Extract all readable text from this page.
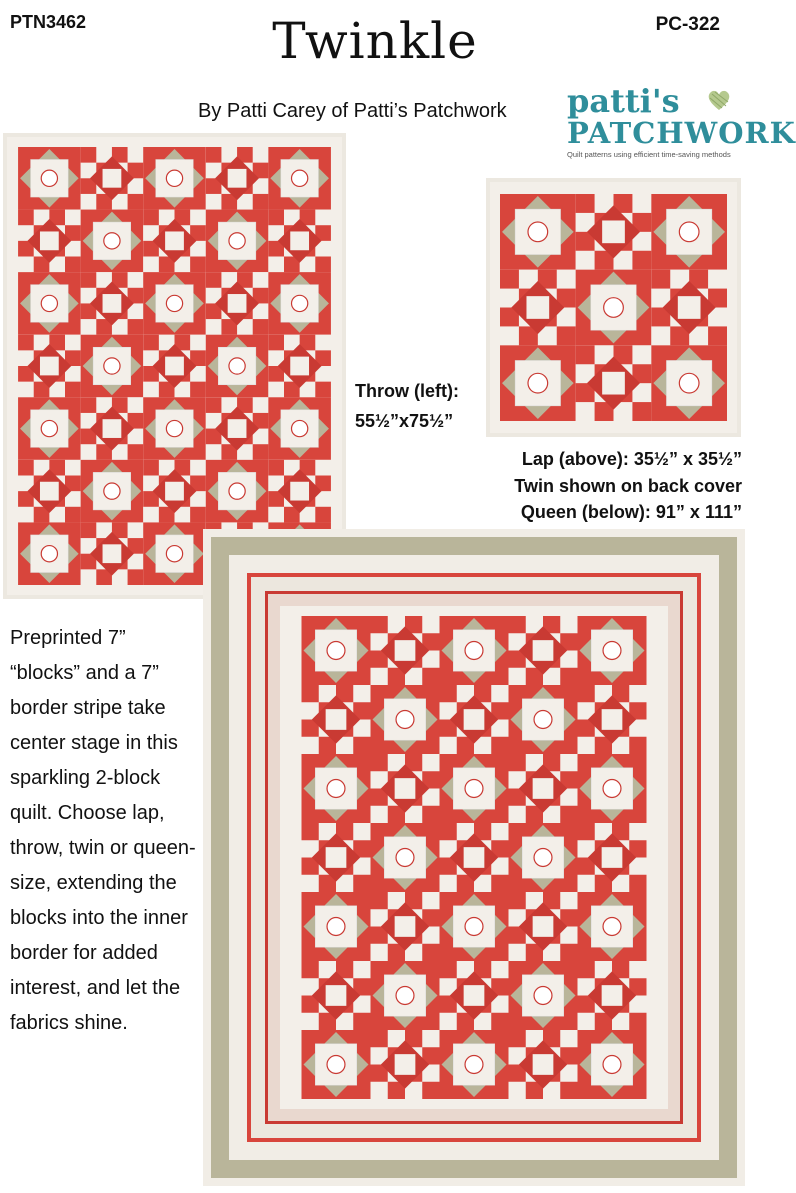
PTN3462	PC-322
Twinkle
By Patti Carey of Patti’s Patchwork patti's
PATCHWORK
Quilt patterns using efficient time-saving methods
Throw (left):
55½”x75½”
Lap (above): 35½” x 35½”
Twin shown on back cover
Queen (below): 91” x 111”
Preprinted 7” “blocks” and a 7” border stripe take center stage in this sparkling 2-block quilt. Choose lap, throw, twin or queen-size, extending the blocks into the inner border for added interest, and let the fabrics shine.
